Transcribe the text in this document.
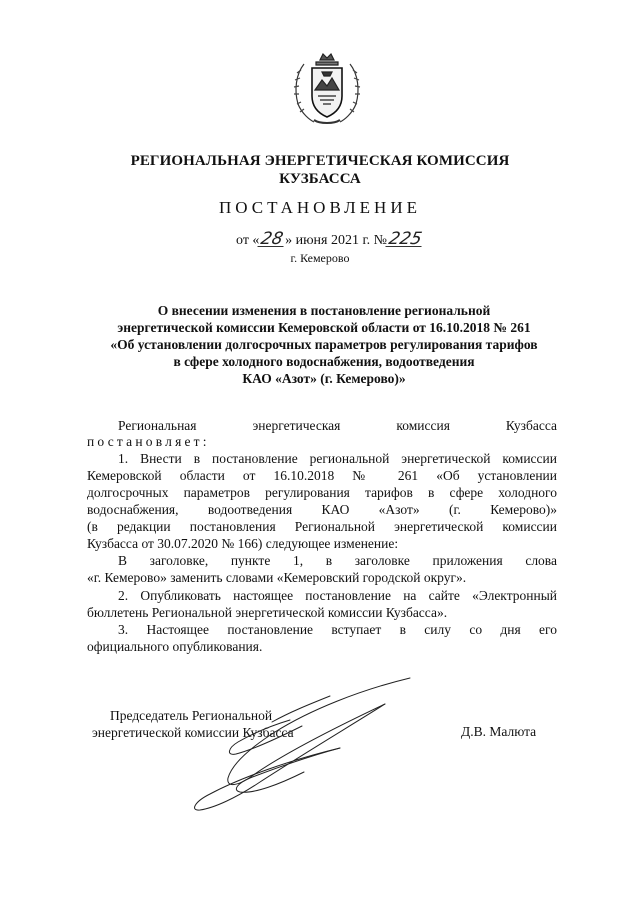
РЕГИОНАЛЬНАЯ ЭНЕРГЕТИЧЕСКАЯ КОМИССИЯ
КУЗБАССА
ПОСТАНОВЛЕНИЕ
от «28» июня 2021 г. №225
г. Кемерово
О внесении изменения в постановление региональной
энергетической комиссии Кемеровской области от 16.10.2018 № 261
«Об установлении долгосрочных параметров регулирования тарифов
в сфере холодного водоснабжения, водоотведения
КАО «Азот» (г. Кемерово)»
Региональная энергетическая комиссия Кузбасса
постановляет:
1. Внести в постановление региональной энергетической комиссии
Кемеровской области от 16.10.2018 № 261 «Об установлении
долгосрочных параметров регулирования тарифов в сфере холодного
водоснабжения, водоотведения КАО «Азот» (г. Кемерово)»
(в редакции постановления Региональной энергетической комиссии
Кузбасса от 30.07.2020 № 166) следующее изменение:
В заголовке, пункте 1, в заголовке приложения слова
«г. Кемерово» заменить словами «Кемеровский городской округ».
2. Опубликовать настоящее постановление на сайте «Электронный
бюллетень Региональной энергетической комиссии Кузбасса».
3. Настоящее постановление вступает в силу со дня его
официального опубликования.
Председатель Региональной
энергетической комиссии Кузбасса	Д.В. Малюта
